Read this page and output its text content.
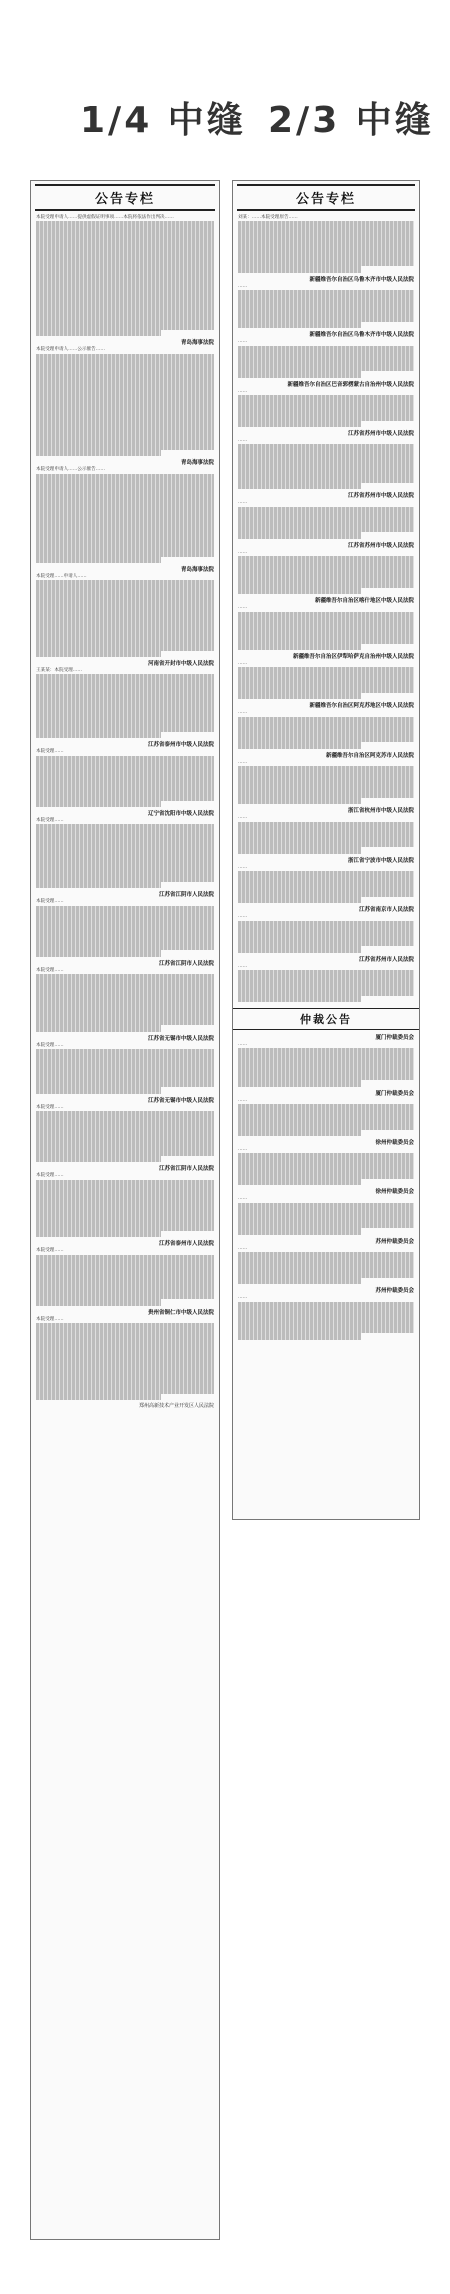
1/4 中缝 2/3 中缝
公告专栏
本院受理申请人……提供虚假证明事项……本院将依法作出判决……
青岛海事法院
本院受理申请人……公示催告……
青岛海事法院
本院受理申请人……公示催告……
青岛海事法院
本院受理……申请人……
河南省开封市中级人民法院
王某某：本院受理……
江苏省泰州市中级人民法院
本院受理……
辽宁省沈阳市中级人民法院
本院受理……
江苏省江阴市人民法院
本院受理……
江苏省江阴市人民法院
本院受理……
江苏省无锡市中级人民法院
本院受理……
江苏省无锡市中级人民法院
本院受理……
江苏省江阴市人民法院
本院受理……
江苏省泰州市人民法院
本院受理……
贵州省铜仁市中级人民法院
本院受理……
郑州高新技术产业开发区人民法院
公告专栏
刘某：……本院受理原告……
新疆维吾尔自治区乌鲁木齐市中级人民法院
……
新疆维吾尔自治区乌鲁木齐市中级人民法院
……
新疆维吾尔自治区巴音郭楞蒙古自治州中级人民法院
……
江苏省苏州市中级人民法院
……
江苏省苏州市中级人民法院
……
江苏省苏州市中级人民法院
……
新疆维吾尔自治区喀什地区中级人民法院
……
新疆维吾尔自治区伊犁哈萨克自治州中级人民法院
……
新疆维吾尔自治区阿克苏地区中级人民法院
……
新疆维吾尔自治区阿克苏市人民法院
……
浙江省杭州市中级人民法院
……
浙江省宁波市中级人民法院
……
江苏省南京市人民法院
……
江苏省苏州市人民法院
……
仲裁公告
厦门仲裁委员会
……
厦门仲裁委员会
……
徐州仲裁委员会
……
徐州仲裁委员会
……
苏州仲裁委员会
……
苏州仲裁委员会
……
